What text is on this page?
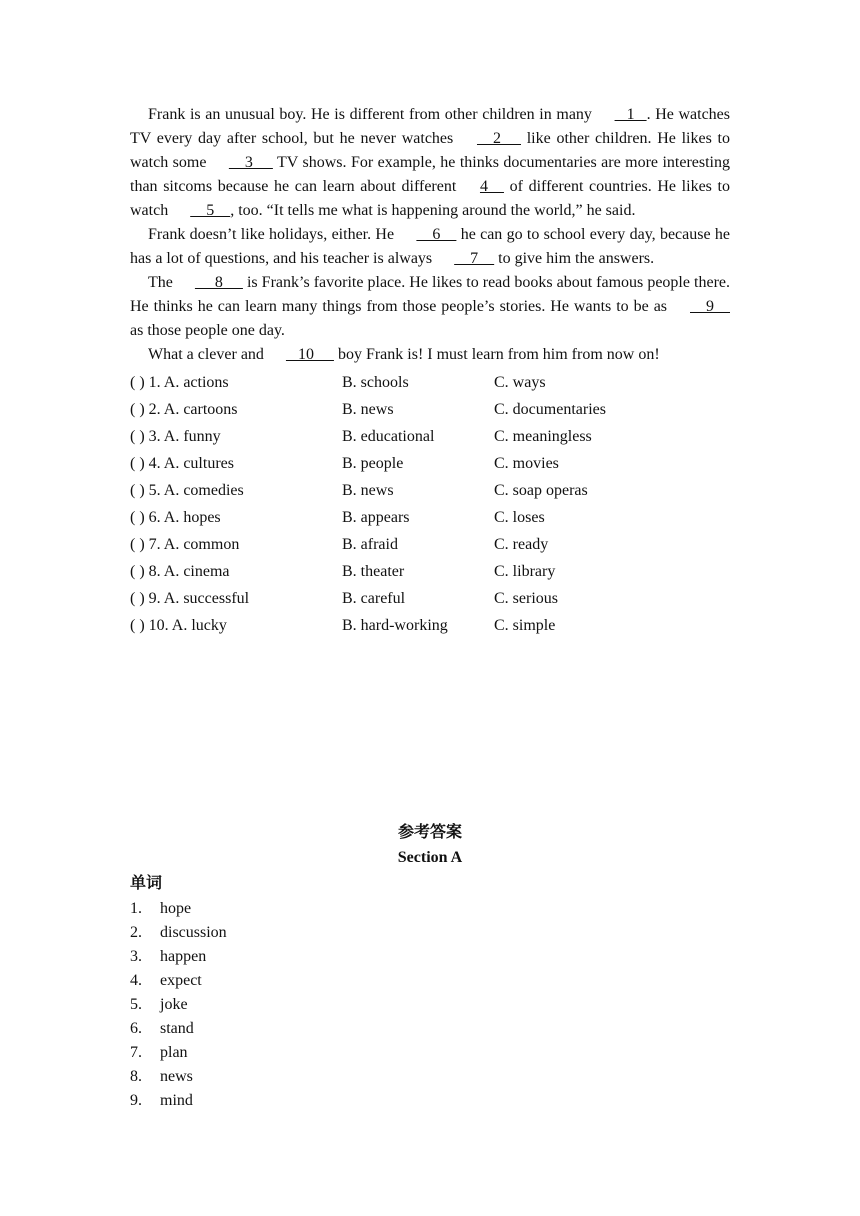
Frank is an unusual boy. He is different from other children in many    1   . He watches TV every day after school, but he never watches     2      like other children. He likes to watch some     3      TV shows. For example, he thinks documentaries are more interesting than sitcoms because he can learn about different 4     of different countries. He likes to watch     5    , too. “It tells me what is happening around the world,” he said.

Frank doesn’t like holidays, either. He     6     he can go to school every day, because he has a lot of questions, and his teacher is always     7     to give him the answers.

The      8      is Frank’s favorite place. He likes to read books about famous people there. He thinks he can learn many things from those people’s stories. He wants to be as     9     as those people one day.

What a clever and    10      boy Frank is! I must learn from him from now on!

( ) 1. A. actions	B. schools	C. ways
( ) 2. A. cartoons	B. news	C. documentaries
( ) 3. A. funny	B. educational	C. meaningless
( ) 4. A. cultures	B. people	C. movies
( ) 5. A. comedies	B. news	C. soap operas
( ) 6. A. hopes	B. appears	C. loses
( ) 7. A. common	B. afraid	C. ready
( ) 8. A. cinema	B. theater	C. library
( ) 9. A. successful	B. careful	C. serious
( ) 10. A. lucky	B. hard-working	C. simple
参考答案
Section A
单词
1.	hope
2.	discussion
3.	happen
4.	expect
5.	joke
6.	stand
7.	plan
8.	news
9.	mind
